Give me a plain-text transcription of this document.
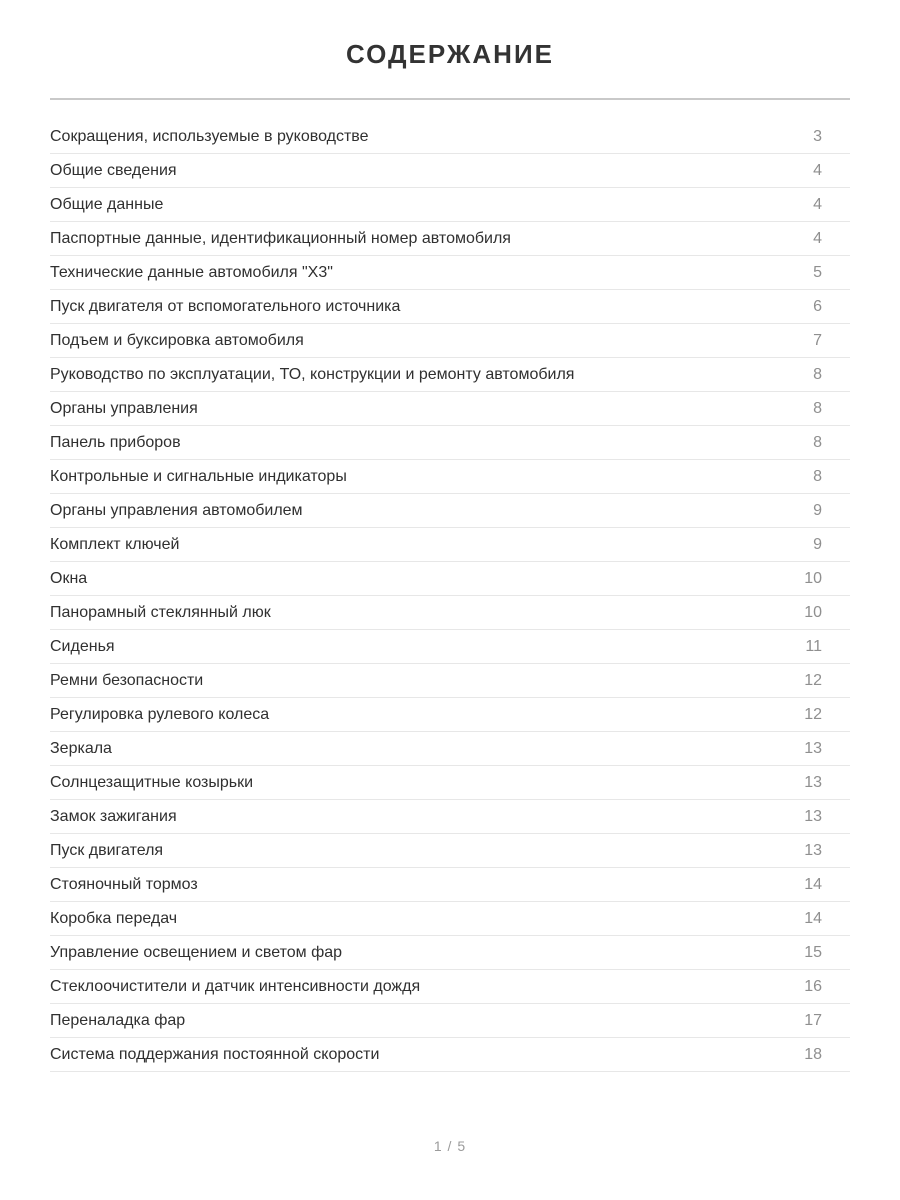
СОДЕРЖАНИЕ
Сокращения, используемые в руководстве	3
Общие сведения	4
Общие данные	4
Паспортные данные, идентификационный номер автомобиля	4
Технические данные автомобиля "X3"	5
Пуск двигателя от вспомогательного источника	6
Подъем и буксировка автомобиля	7
Руководство по эксплуатации, ТО, конструкции и ремонту автомобиля	8
Органы управления	8
Панель приборов	8
Контрольные и сигнальные индикаторы	8
Органы управления автомобилем	9
Комплект ключей	9
Окна	10
Панорамный стеклянный люк	10
Сиденья	11
Ремни безопасности	12
Регулировка рулевого колеса	12
Зеркала	13
Солнцезащитные козырьки	13
Замок зажигания	13
Пуск двигателя	13
Стояночный тормоз	14
Коробка передач	14
Управление освещением и светом фар	15
Стеклоочистители и датчик интенсивности дождя	16
Переналадка фар	17
Система поддержания постоянной скорости	18
1 / 5
